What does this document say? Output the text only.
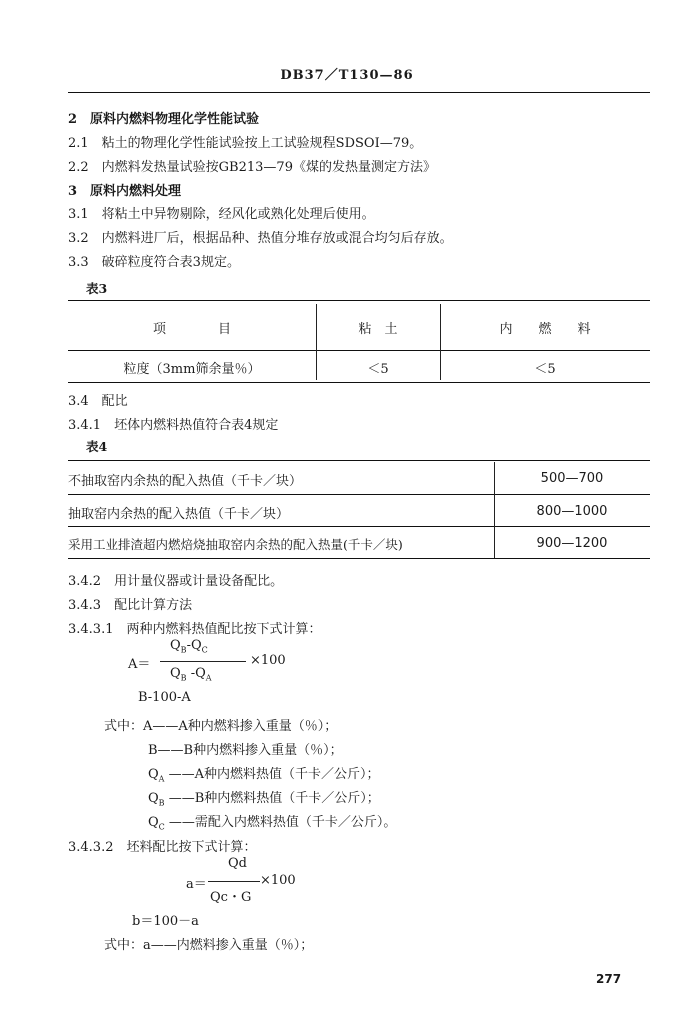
DB37／T130—86
2　原料内燃料物理化学性能试验
2.1　粘土的物理化学性能试验按上工试验规程SDSOI—79。
2.2　内燃料发热量试验按GB213—79《煤的发热量测定方法》
3　原料内燃料处理
3.1　将粘土中异物剔除，经风化或熟化处理后使用。
3.2　内燃料进厂后，根据品种、热值分堆存放或混合均匀后存放。
3.3　破碎粒度符合表3规定。
表3
项　　　　目	粘　土	内　　燃　　料
粒度（3mm筛余量％）	＜5	＜5
3.4　配比
3.4.1　坯体内燃料热值符合表4规定
表4
不抽取窑内余热的配入热值（千卡／块）	500—700
抽取窑内余热的配入热值（千卡／块）	800—1000
采用工业排渣超内燃焙烧抽取窑内余热的配入热量(千卡／块)	900—1200
3.4.2　用计量仪器或计量设备配比。
3.4.3　配比计算方法
3.4.3.1　两种内燃料热值配比按下式计算：
A＝
$Q_B-Q_C$
$Q_B$ $-Q_A$
×100
B-100-A
式中：A——A种内燃料掺入重量（％）；
B——B种内燃料掺入重量（％）；
$Q_A$ ——A种内燃料热值（千卡／公斤）；
$Q_B$ ——B种内燃料热值（千卡／公斤）；
$Q_C$ ——需配入内燃料热值（千卡／公斤）。
3.4.3.2　坯料配比按下式计算：
a＝
Qd
Qc・G
×100
b＝100－a
式中：a——内燃料掺入重量（％）；
277
